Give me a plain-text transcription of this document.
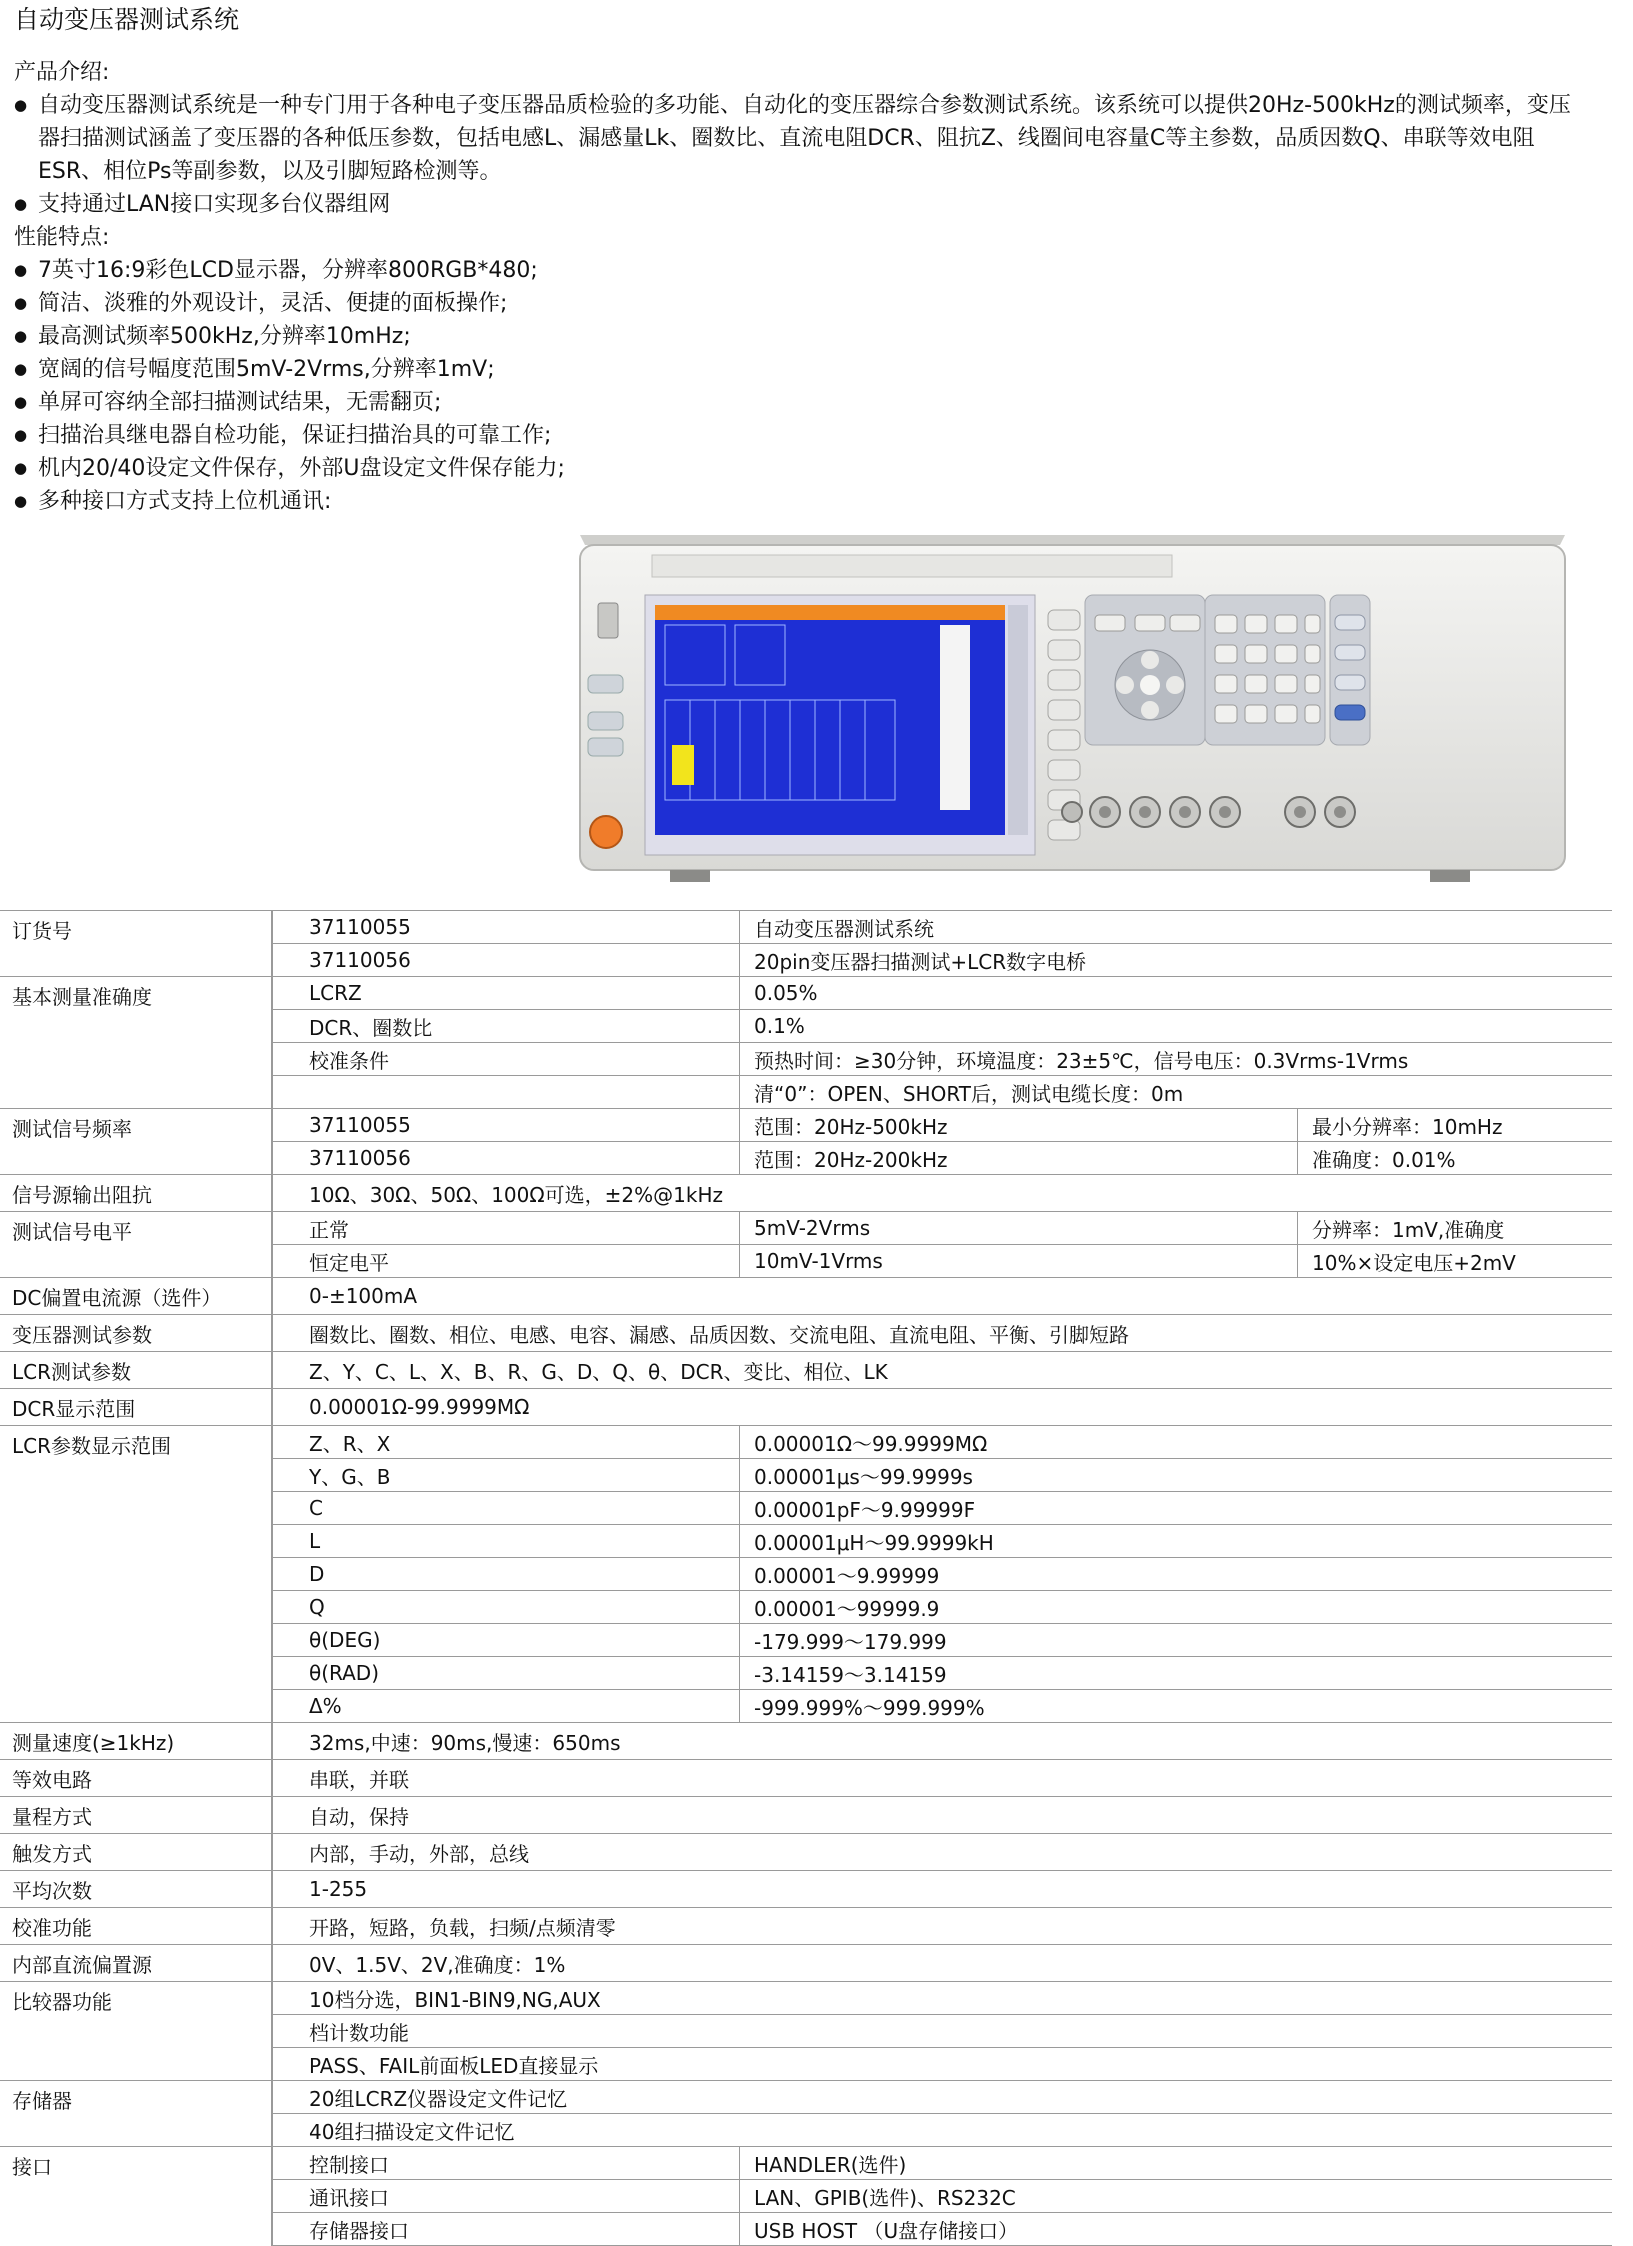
自动变压器测试系统
产品介绍:
● 自动变压器测试系统是一种专门用于各种电子变压器品质检验的多功能、自动化的变压器综合参数测试系统。该系统可以提供20Hz-500kHz的测试频率，变压器扫描测试涵盖了变压器的各种低压参数，包括电感L、漏感量Lk、圈数比、直流电阻DCR、阻抗Z、线圈间电容量C等主参数，品质因数Q、串联等效电阻ESR、相位Ps等副参数，以及引脚短路检测等。
● 支持通过LAN接口实现多台仪器组网
性能特点:
● 7英寸16:9彩色LCD显示器，分辨率800RGB*480;
● 简洁、淡雅的外观设计，灵活、便捷的面板操作;
● 最高测试频率500kHz,分辨率10mHz;
● 宽阔的信号幅度范围5mV-2Vrms,分辨率1mV;
● 单屏可容纳全部扫描测试结果，无需翻页;
● 扫描治具继电器自检功能，保证扫描治具的可靠工作;
● 机内20/40设定文件保存，外部U盘设定文件保存能力;
● 多种接口方式支持上位机通讯:
订货号	37110055	自动变压器测试系统	
	37110056	20pin变压器扫描测试+LCR数字电桥	
基本测量准确度	LCRZ	0.05%	
	DCR、圈数比	0.1%	
	校准条件	预热时间：≥30分钟，环境温度：23±5℃，信号电压：0.3Vrms-1Vrms	
		清“0”：OPEN、SHORT后，测试电缆长度：0m	
测试信号频率	37110055	范围：20Hz-500kHz	最小分辨率：10mHz
	37110056	范围：20Hz-200kHz	准确度：0.01%
信号源输出阻抗	10Ω、30Ω、50Ω、100Ω可选，±2%@1kHz		
测试信号电平	正常	5mV-2Vrms	分辨率：1mV,准确度
	恒定电平	10mV-1Vrms	10%×设定电压+2mV
DC偏置电流源（选件）	0-±100mA		
变压器测试参数	圈数比、圈数、相位、电感、电容、漏感、品质因数、交流电阻、直流电阻、平衡、引脚短路		
LCR测试参数	Z、Y、C、L、X、B、R、G、D、Q、θ、DCR、变比、相位、LK		
DCR显示范围	0.00001Ω-99.9999MΩ		
LCR参数显示范围	Z、R、X	0.00001Ω～99.9999MΩ	
	Y、G、B	0.00001μs～99.9999s	
	C	0.00001pF～9.99999F	
	L	0.00001μH～99.9999kH	
	D	0.00001～9.99999	
	Q	0.00001～99999.9	
	θ(DEG)	-179.999～179.999	
	θ(RAD)	-3.14159～3.14159	
	Δ%	-999.999%～999.999%	
测量速度(≥1kHz)	32ms,中速：90ms,慢速：650ms		
等效电路	串联，并联		
量程方式	自动，保持		
触发方式	内部，手动，外部，总线		
平均次数	1-255		
校准功能	开路，短路，负载，扫频/点频清零		
内部直流偏置源	0V、1.5V、2V,准确度：1%		
比较器功能	10档分选，BIN1-BIN9,NG,AUX		
	档计数功能		
	PASS、FAIL前面板LED直接显示		
存储器	20组LCRZ仪器设定文件记忆		
	40组扫描设定文件记忆		
接口	控制接口	HANDLER(选件)	
	通讯接口	LAN、GPIB(选件)、RS232C	
	存储器接口	USB HOST （U盘存储接口）	
